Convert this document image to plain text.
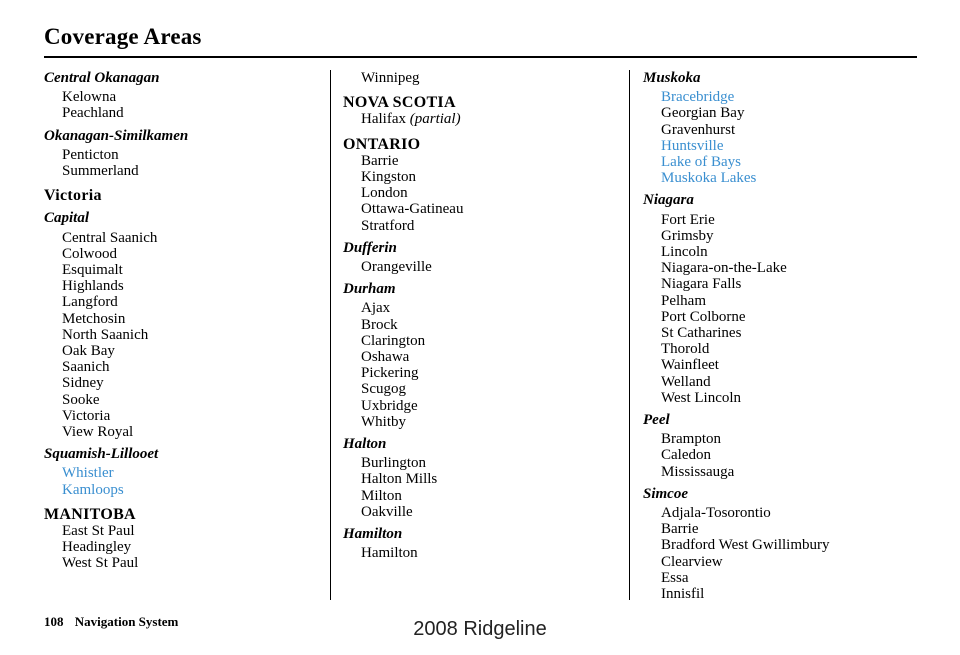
Coverage Areas
Central Okanagan
Kelowna
Peachland
Okanagan-Similkamen
Penticton
Summerland
Victoria
Capital
Central Saanich
Colwood
Esquimalt
Highlands
Langford
Metchosin
North Saanich
Oak Bay
Saanich
Sidney
Sooke
Victoria
View Royal
Squamish-Lillooet
Whistler
Kamloops
MANITOBA
East St Paul
Headingley
West St Paul
Winnipeg
NOVA SCOTIA
Halifax (partial)
ONTARIO
Barrie
Kingston
London
Ottawa-Gatineau
Stratford
Dufferin
Orangeville
Durham
Ajax
Brock
Clarington
Oshawa
Pickering
Scugog
Uxbridge
Whitby
Halton
Burlington
Halton Mills
Milton
Oakville
Hamilton
Hamilton
Muskoka
Bracebridge
Georgian Bay
Gravenhurst
Huntsville
Lake of Bays
Muskoka Lakes
Niagara
Fort Erie
Grimsby
Lincoln
Niagara-on-the-Lake
Niagara Falls
Pelham
Port Colborne
St Catharines
Thorold
Wainfleet
Welland
West Lincoln
Peel
Brampton
Caledon
Mississauga
Simcoe
Adjala-Tosorontio
Barrie
Bradford West Gwillimbury
Clearview
Essa
Innisfil
108 Navigation System	2008 Ridgeline
